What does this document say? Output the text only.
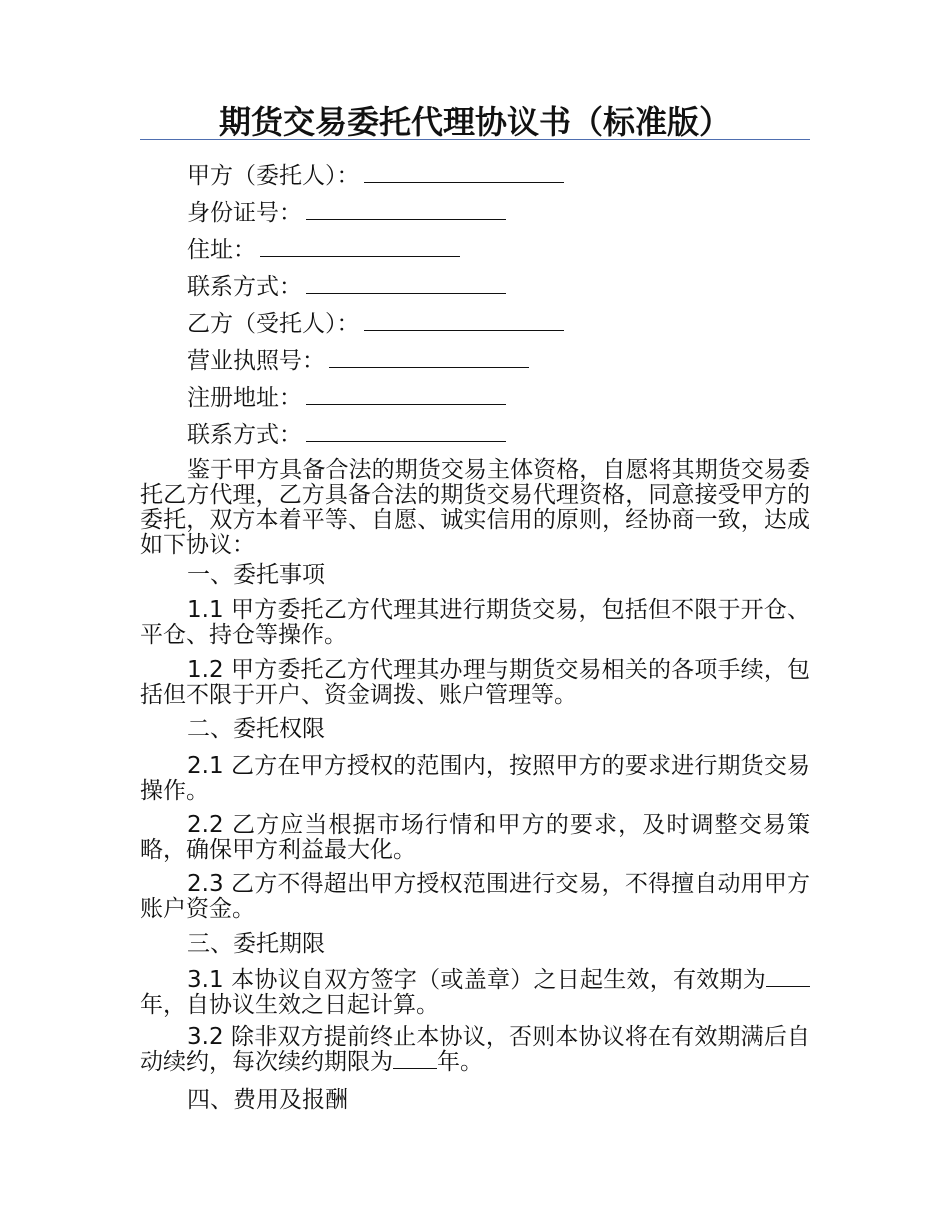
期货交易委托代理协议书（标准版）
甲方（委托人）：
身份证号：
住址：
联系方式：
乙方（受托人）：
营业执照号：
注册地址：
联系方式：

鉴于甲方具备合法的期货交易主体资格，自愿将其期货交易委托乙方代理，乙方具备合法的期货交易代理资格，同意接受甲方的委托，双方本着平等、自愿、诚实信用的原则，经协商一致，达成如下协议：

一、委托事项

1.1 甲方委托乙方代理其进行期货交易，包括但不限于开仓、平仓、持仓等操作。

1.2 甲方委托乙方代理其办理与期货交易相关的各项手续，包括但不限于开户、资金调拨、账户管理等。

二、委托权限

2.1 乙方在甲方授权的范围内，按照甲方的要求进行期货交易操作。

2.2 乙方应当根据市场行情和甲方的要求，及时调整交易策略，确保甲方利益最大化。

2.3 乙方不得超出甲方授权范围进行交易，不得擅自动用甲方账户资金。

三、委托期限

3.1 本协议自双方签字（或盖章）之日起生效，有效期为年，自协议生效之日起计算。

3.2 除非双方提前终止本协议，否则本协议将在有效期满后自动续约，每次续约期限为 年。

四、费用及报酬
